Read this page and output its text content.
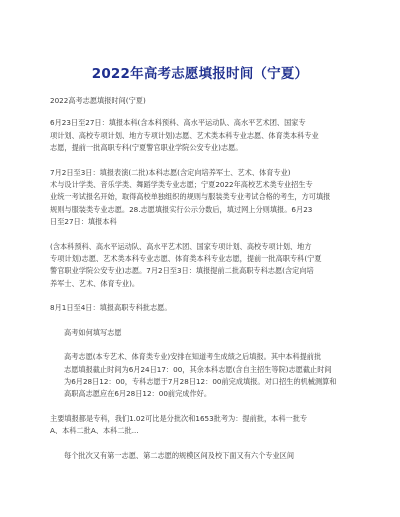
2022年高考志愿填报时间（宁夏）

2022高考志愿填报时间(宁夏)

6月23日至27日：填报本科(含本科预科、高水平运动队、高水平艺术团、国家专
项计划、高校专项计划、地方专项计划)志愿、艺术类本科专业志愿、体育类本科专业
志愿，提前一批高职专科(宁夏警官职业学院公安专业)志愿。

7月2日至3日：填报表演(二批)本科志愿(含定向培养军士、艺术、体育专业)
术与设计学类、音乐学类、舞蹈学类专业志愿；宁夏2022年高校艺术类专业招生专
业统一考试报名开始，取得高校单独组织的规则与服装类专业考试合格的考生，方可填报
规则与服装类专业志愿。28.志愿填报实行公示分数后，填过网上分则填报。6月23
日至27日：填报本科

(含本科预科、高水平运动队、高水平艺术团、国家专项计划、高校专项计划、地方
专项计划)志愿、艺术类本科专业志愿、体育类本科专业志愿，提前一批高职专科(宁夏
警官职业学院公安专业)志愿。7月2日至3日：填报提前二批高职专科志愿(含定向培
养军士、艺术、体育专业)。

8月1日至4日：填报高职专科批志愿。

高考如何填写志愿

高考志愿(本专艺术、体育类专业)安排在知道考生成绩之后填报。其中本科提前批
志愿填报截止时间为6月24日17：00，其余本科志愿(含自主招生等院)志愿截止时间
为6月28日12：00，专科志愿于7月28日12：00前完成填报。对口招生的机械测算和
高职高志愿应在6月28日12：00前完成作好。

主要填报都是专科，我们1.02可比是分批次和1653批考为：提前批，本科一批专
A、本科二批A、本科二批...

每个批次又有第一志愿、第二志愿的规模区间及校下面又有六个专业区间
